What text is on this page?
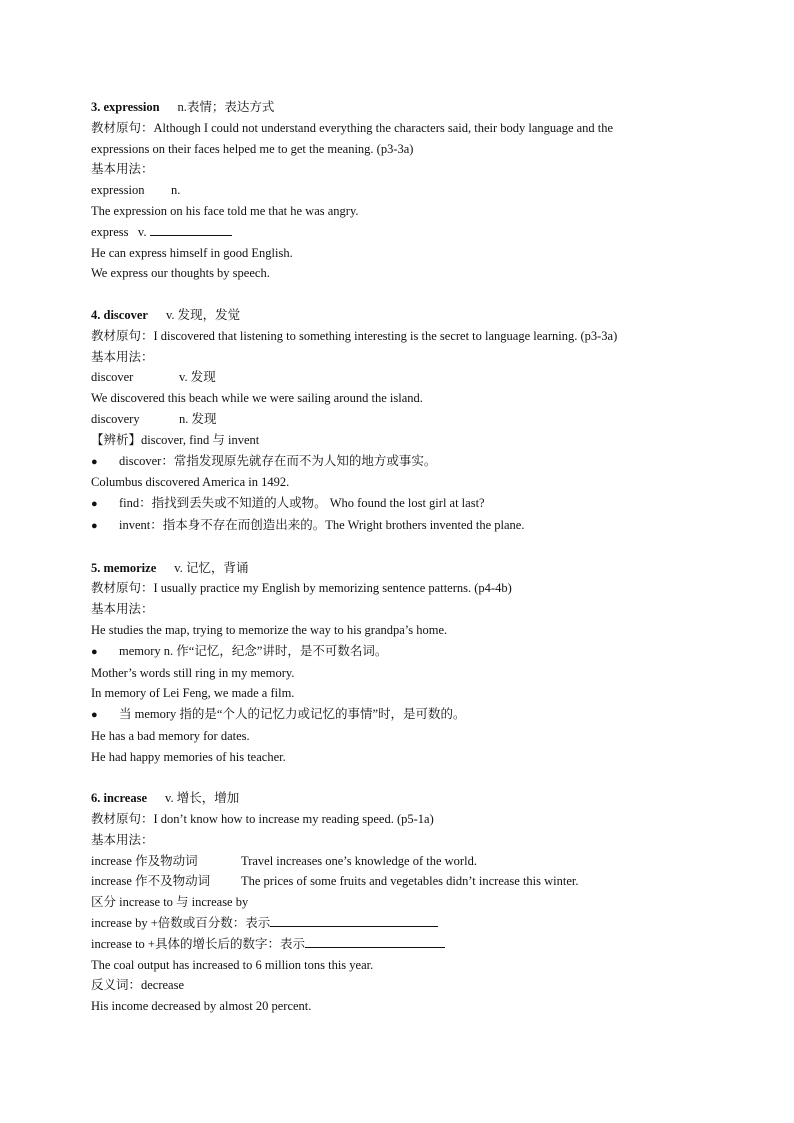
3. expression n.表情；表达方式
教材原句：Although I could not understand everything the characters said, their body language and the
expressions on their faces helped me to get the meaning. (p3-3a)
基本用法：
expression n.
The expression on his face told me that he was angry.
express v.
He can express himself in good English.
We express our thoughts by speech.
4. discover v. 发现，发觉
教材原句：I discovered that listening to something interesting is the secret to language learning. (p3-3a)
基本用法：
discover	v. 发现
We discovered this beach while we were sailing around the island.
discovery	n. 发现
【辨析】discover, find 与 invent
● discover：常指发现原先就存在而不为人知的地方或事实。
Columbus discovered America in 1492.
● find：指找到丢失或不知道的人或物。 Who found the lost girl at last?
● invent：指本身不存在而创造出来的。The Wright brothers invented the plane.
5. memorize v. 记忆，背诵
教材原句：I usually practice my English by memorizing sentence patterns. (p4-4b)
基本用法：
He studies the map, trying to memorize the way to his grandpa’s home.
● memory n. 作“记忆，纪念”讲时，是不可数名词。
Mother’s words still ring in my memory.
In memory of Lei Feng, we made a film.
● 当 memory 指的是“个人的记忆力或记忆的事情”时，是可数的。
He has a bad memory for dates.
He had happy memories of his teacher.
6. increase v. 增长，增加
教材原句：I don’t know how to increase my reading speed. (p5-1a)
基本用法：
increase 作及物动词	Travel increases one’s knowledge of the world.
increase 作不及物动词 The prices of some fruits and vegetables didn’t increase this winter.
区分 increase to 与 increase by
increase by +倍数或百分数：表示
increase to +具体的增长后的数字：表示
The coal output has increased to 6 million tons this year.
反义词：decrease
His income decreased by almost 20 percent.
